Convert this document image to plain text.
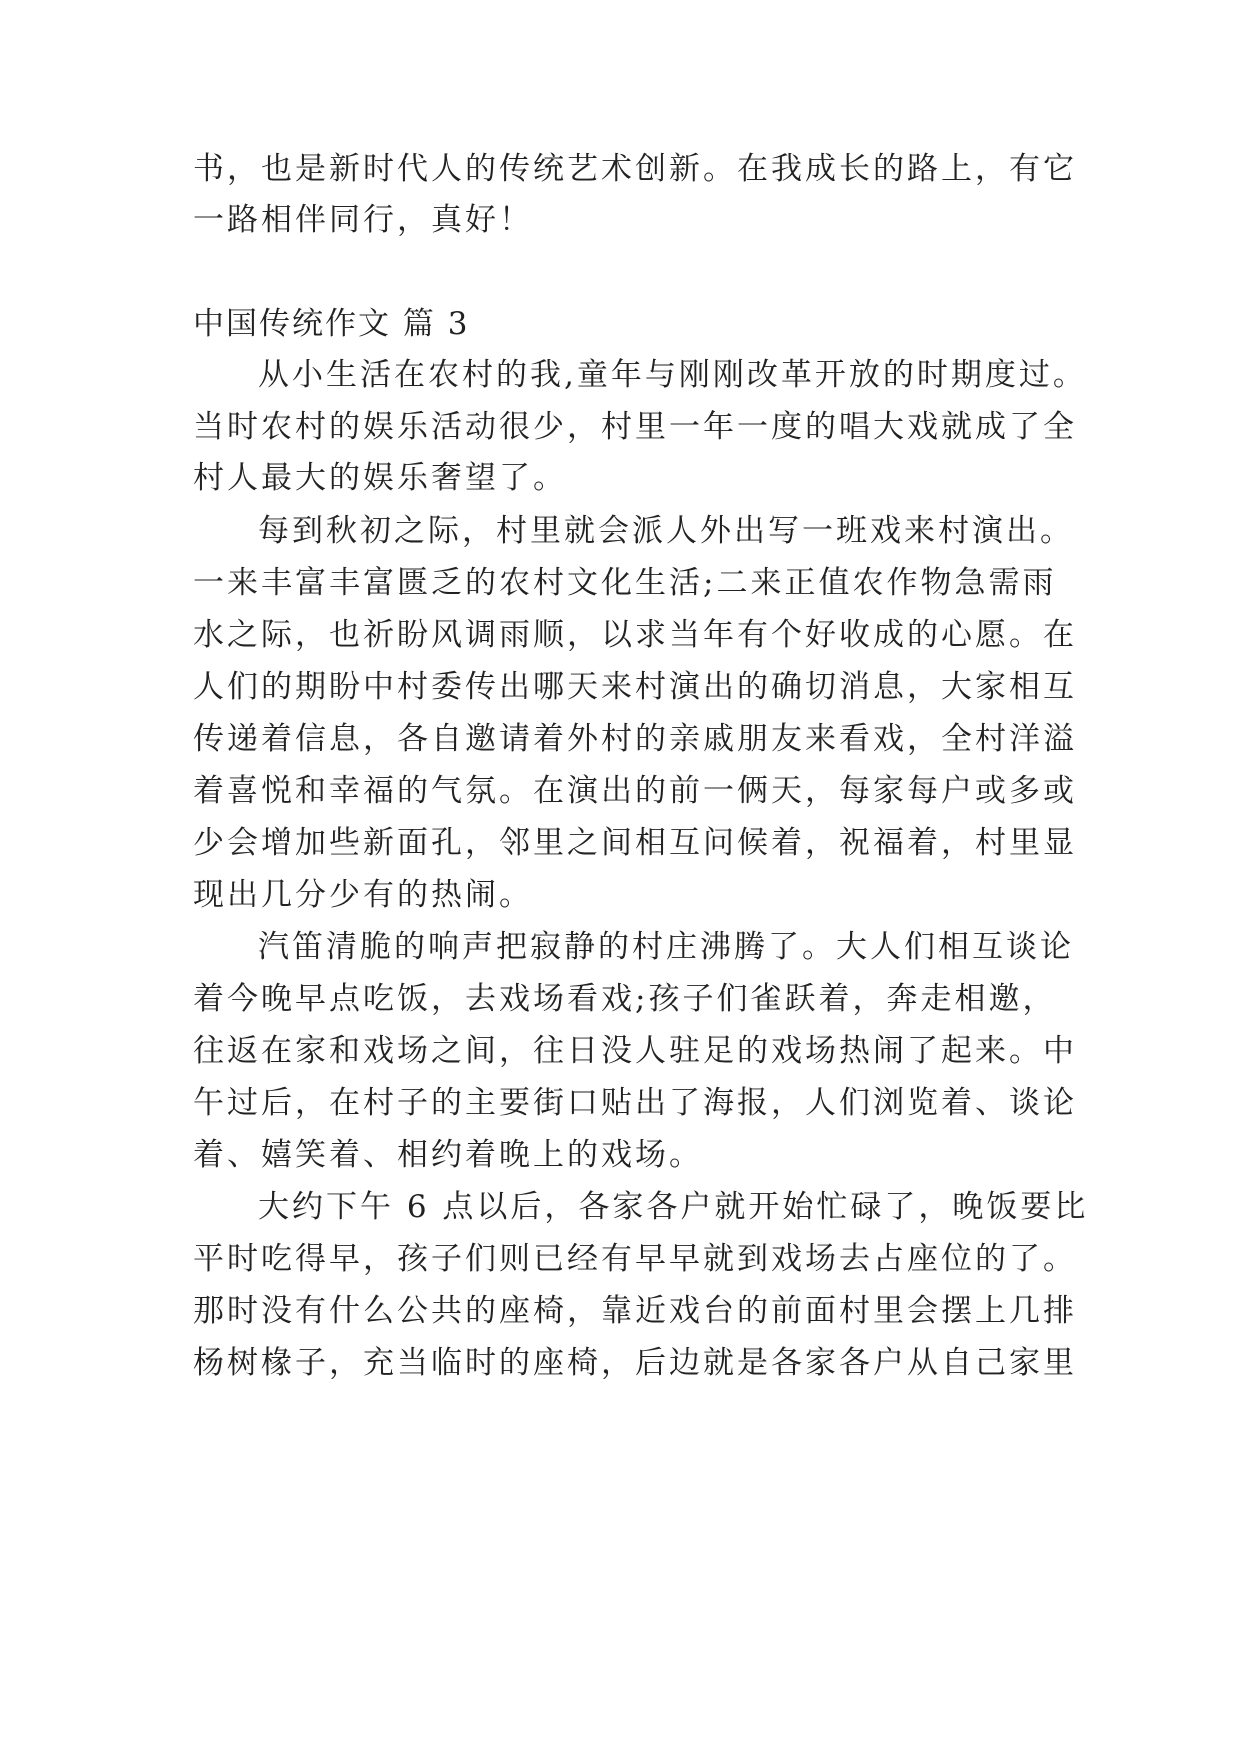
书，也是新时代人的传统艺术创新。在我成长的路上，有它
一路相伴同行，真好！
中国传统作文 篇 3
从小生活在农村的我,童年与刚刚改革开放的时期度过。
当时农村的娱乐活动很少，村里一年一度的唱大戏就成了全
村人最大的娱乐奢望了。
每到秋初之际，村里就会派人外出写一班戏来村演出。
一来丰富丰富匮乏的农村文化生活;二来正值农作物急需雨
水之际，也祈盼风调雨顺，以求当年有个好收成的心愿。在
人们的期盼中村委传出哪天来村演出的确切消息，大家相互
传递着信息，各自邀请着外村的亲戚朋友来看戏，全村洋溢
着喜悦和幸福的气氛。在演出的前一俩天，每家每户或多或
少会增加些新面孔，邻里之间相互问候着，祝福着，村里显
现出几分少有的热闹。
汽笛清脆的响声把寂静的村庄沸腾了。大人们相互谈论
着今晚早点吃饭，去戏场看戏;孩子们雀跃着，奔走相邀，
往返在家和戏场之间，往日没人驻足的戏场热闹了起来。中
午过后，在村子的主要街口贴出了海报，人们浏览着、谈论
着、嬉笑着、相约着晚上的戏场。
大约下午 6 点以后，各家各户就开始忙碌了，晚饭要比
平时吃得早，孩子们则已经有早早就到戏场去占座位的了。
那时没有什么公共的座椅，靠近戏台的前面村里会摆上几排
杨树椽子，充当临时的座椅，后边就是各家各户从自己家里
